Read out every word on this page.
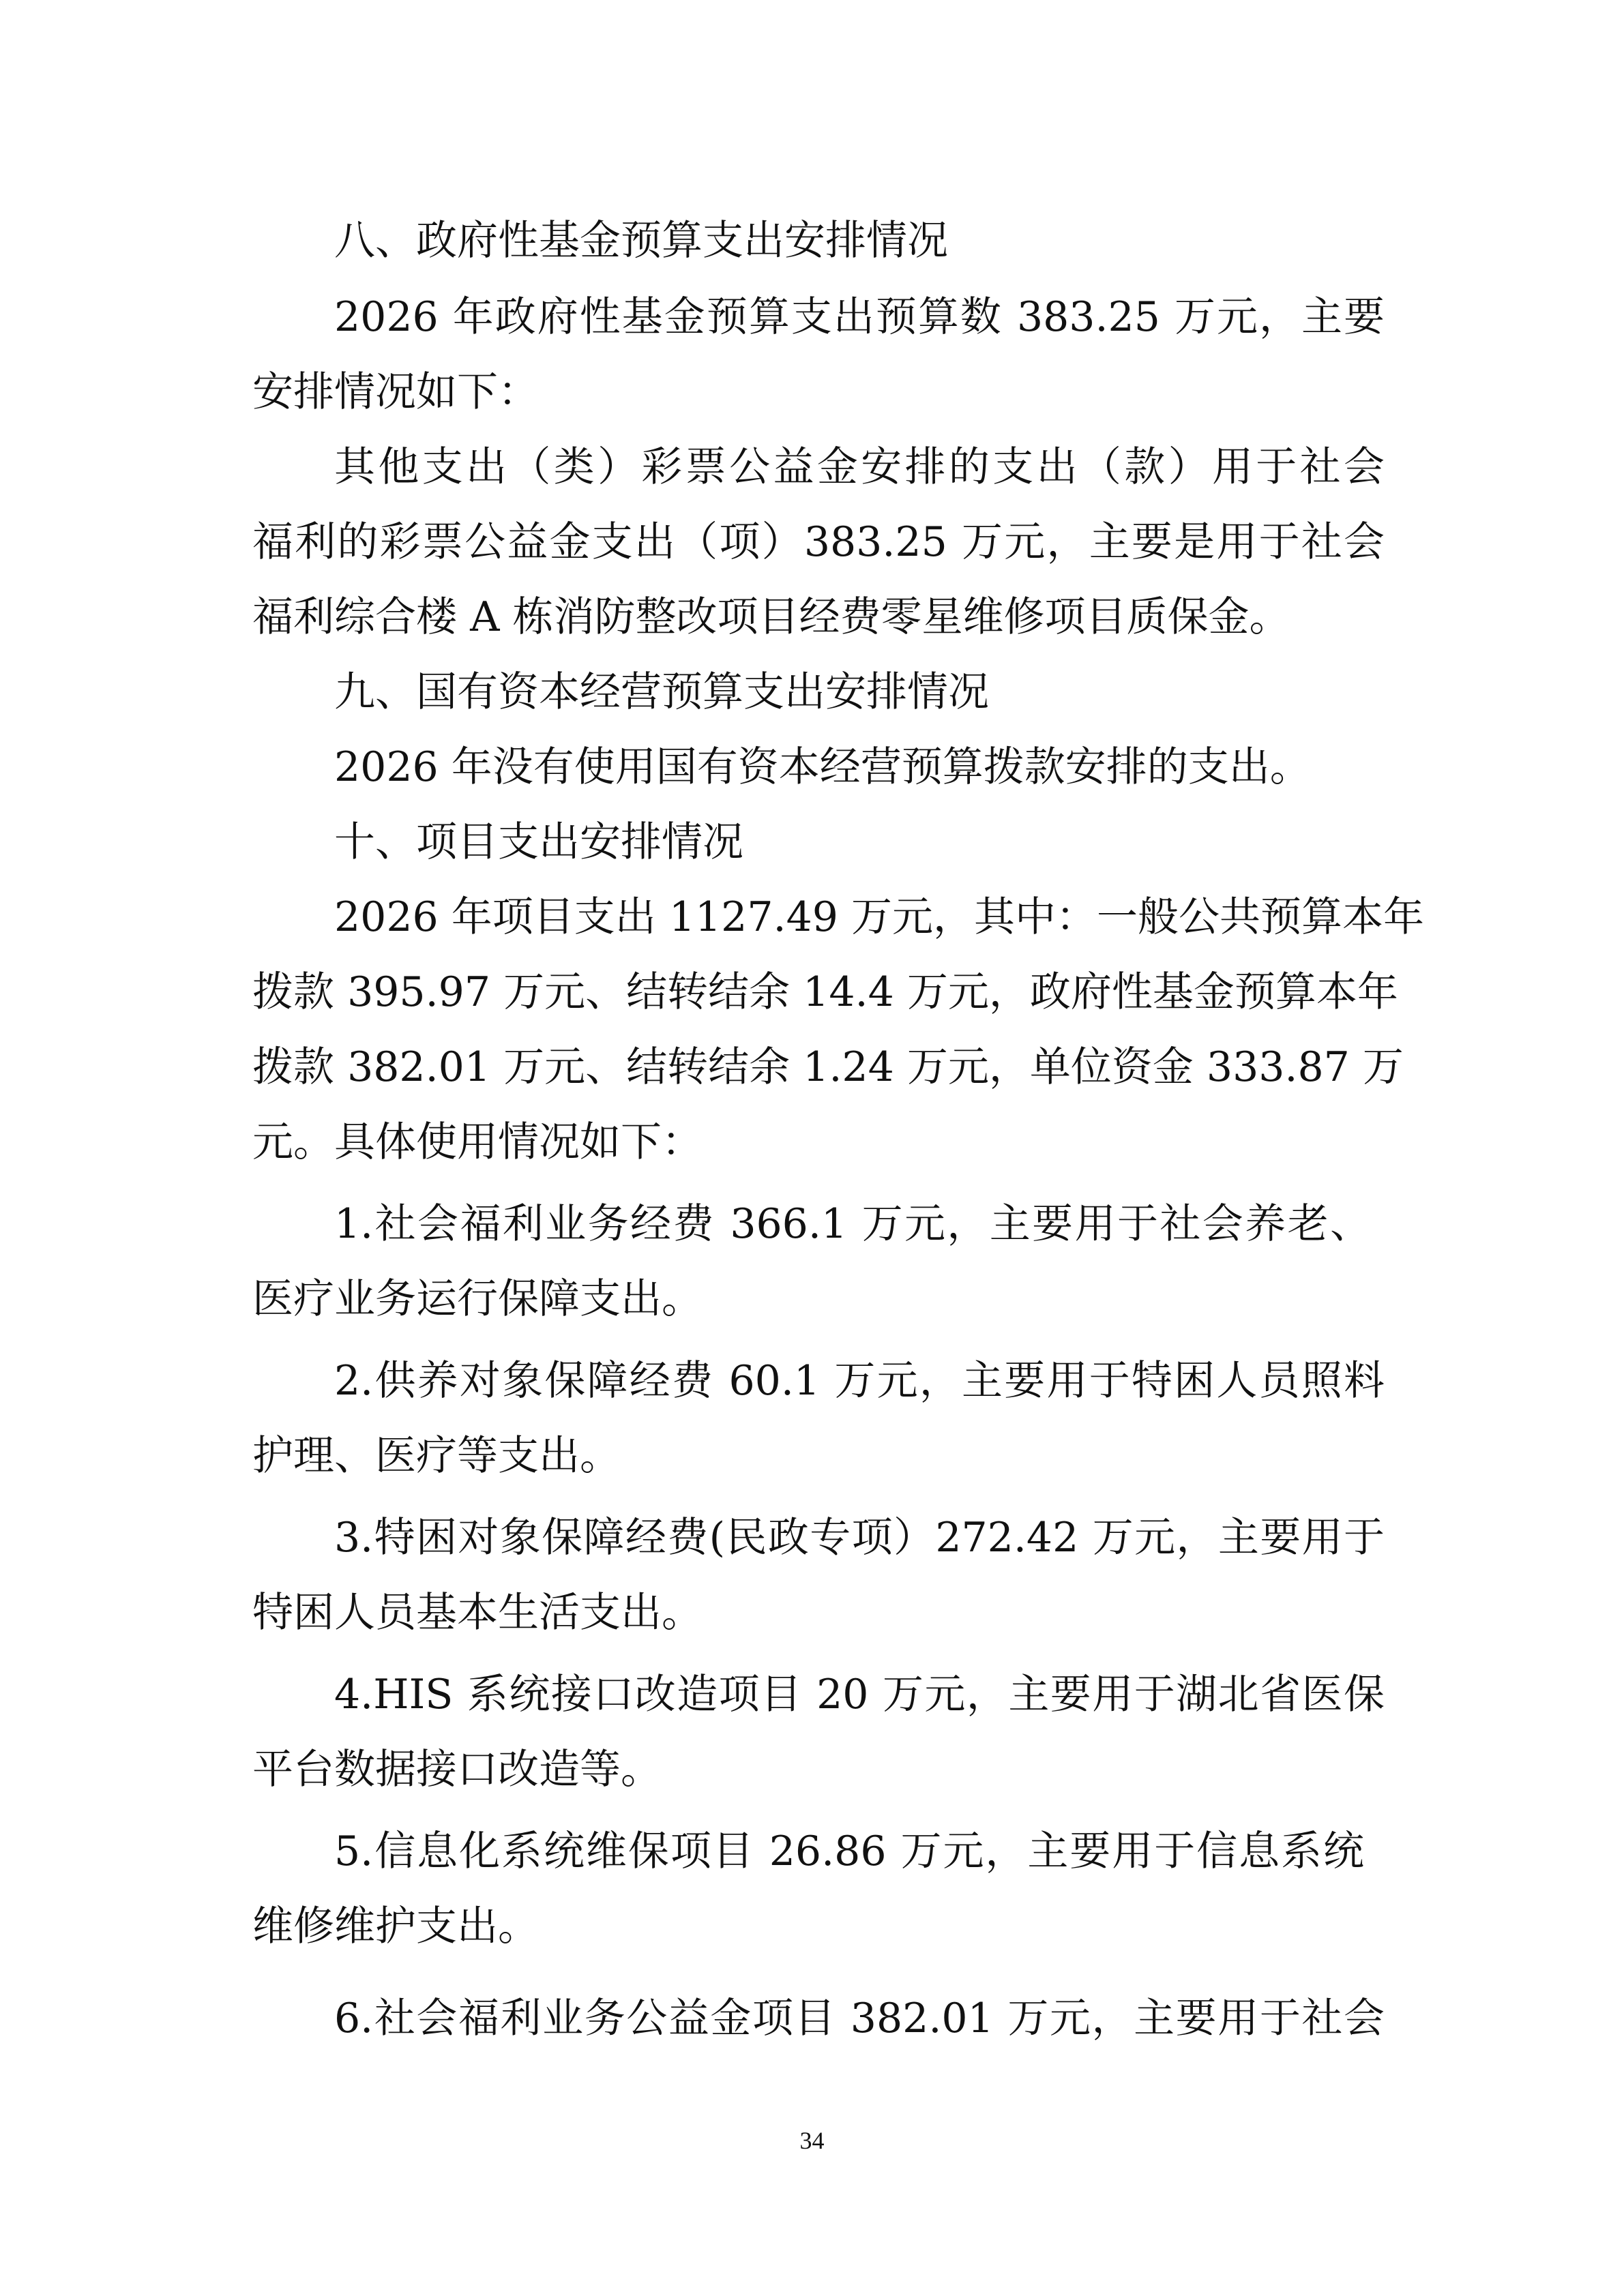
八、政府性基金预算支出安排情况
2026 年政府性基金预算支出预算数 383.25 万元，主要
安排情况如下：
其他支出（类）彩票公益金安排的支出（款）用于社会
福利的彩票公益金支出（项）383.25 万元，主要是用于社会
福利综合楼 A 栋消防整改项目经费零星维修项目质保金。
九、国有资本经营预算支出安排情况
2026 年没有使用国有资本经营预算拨款安排的支出。
十、项目支出安排情况
2026 年项目支出 1127.49 万元，其中：一般公共预算本年
拨款 395.97 万元、结转结余 14.4 万元，政府性基金预算本年
拨款 382.01 万元、结转结余 1.24 万元，单位资金 333.87 万
元。具体使用情况如下：
1.社会福利业务经费 366.1 万元，主要用于社会养老、
医疗业务运行保障支出。
2.供养对象保障经费 60.1 万元，主要用于特困人员照料
护理、医疗等支出。
3.特困对象保障经费(民政专项）272.42 万元，主要用于
特困人员基本生活支出。
4.HIS 系统接口改造项目 20 万元，主要用于湖北省医保
平台数据接口改造等。
5.信息化系统维保项目 26.86 万元，主要用于信息系统
维修维护支出。
6.社会福利业务公益金项目 382.01 万元，主要用于社会
34
